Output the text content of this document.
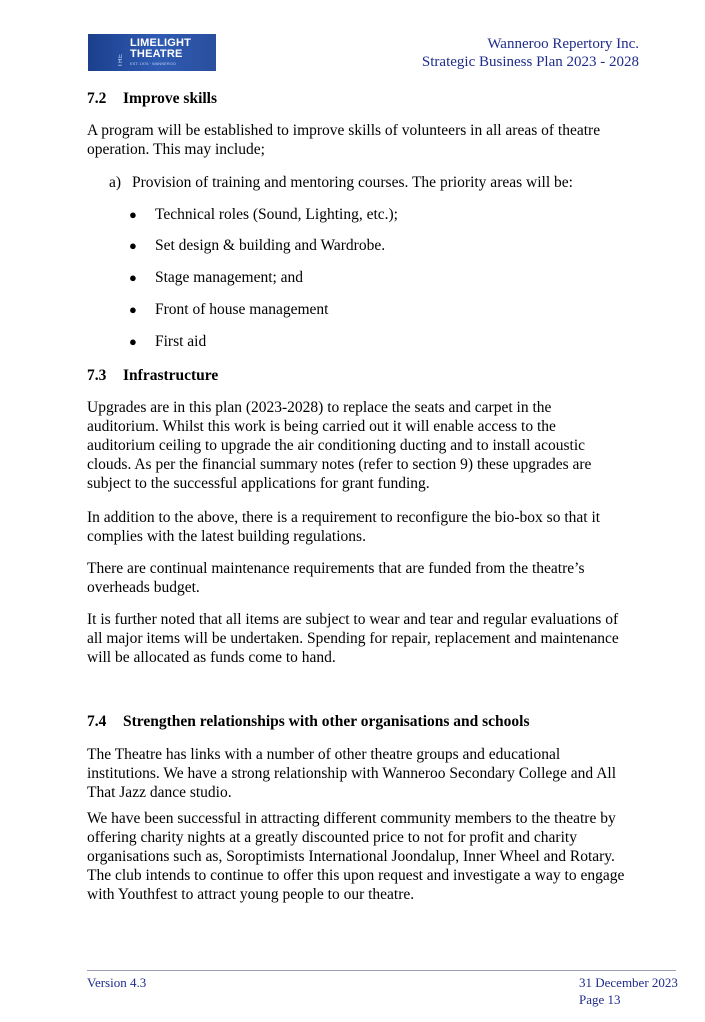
THE
LIMELIGHT
THEATRE
EST. 1976 · WANNEROO
Wanneroo Repertory Inc.
Strategic Business Plan 2023 - 2028
7.2 Improve skills
A program will be established to improve skills of volunteers in all areas of theatre operation. This may include;
a) Provision of training and mentoring courses. The priority areas will be:
● Technical roles (Sound, Lighting, etc.);
● Set design & building and Wardrobe.
● Stage management; and
● Front of house management
● First aid
7.3 Infrastructure
Upgrades are in this plan (2023-2028) to replace the seats and carpet in the auditorium. Whilst this work is being carried out it will enable access to the auditorium ceiling to upgrade the air conditioning ducting and to install acoustic clouds. As per the financial summary notes (refer to section 9) these upgrades are subject to the successful applications for grant funding.
In addition to the above, there is a requirement to reconfigure the bio-box so that it complies with the latest building regulations.
There are continual maintenance requirements that are funded from the theatre’s overheads budget.
It is further noted that all items are subject to wear and tear and regular evaluations of all major items will be undertaken. Spending for repair, replacement and maintenance will be allocated as funds come to hand.
7.4 Strengthen relationships with other organisations and schools
The Theatre has links with a number of other theatre groups and educational institutions. We have a strong relationship with Wanneroo Secondary College and All That Jazz dance studio.
We have been successful in attracting different community members to the theatre by offering charity nights at a greatly discounted price to not for profit and charity organisations such as, Soroptimists International Joondalup, Inner Wheel and Rotary. The club intends to continue to offer this upon request and investigate a way to engage with Youthfest to attract young people to our theatre.
Version 4.3	31 December 2023
Page 13
